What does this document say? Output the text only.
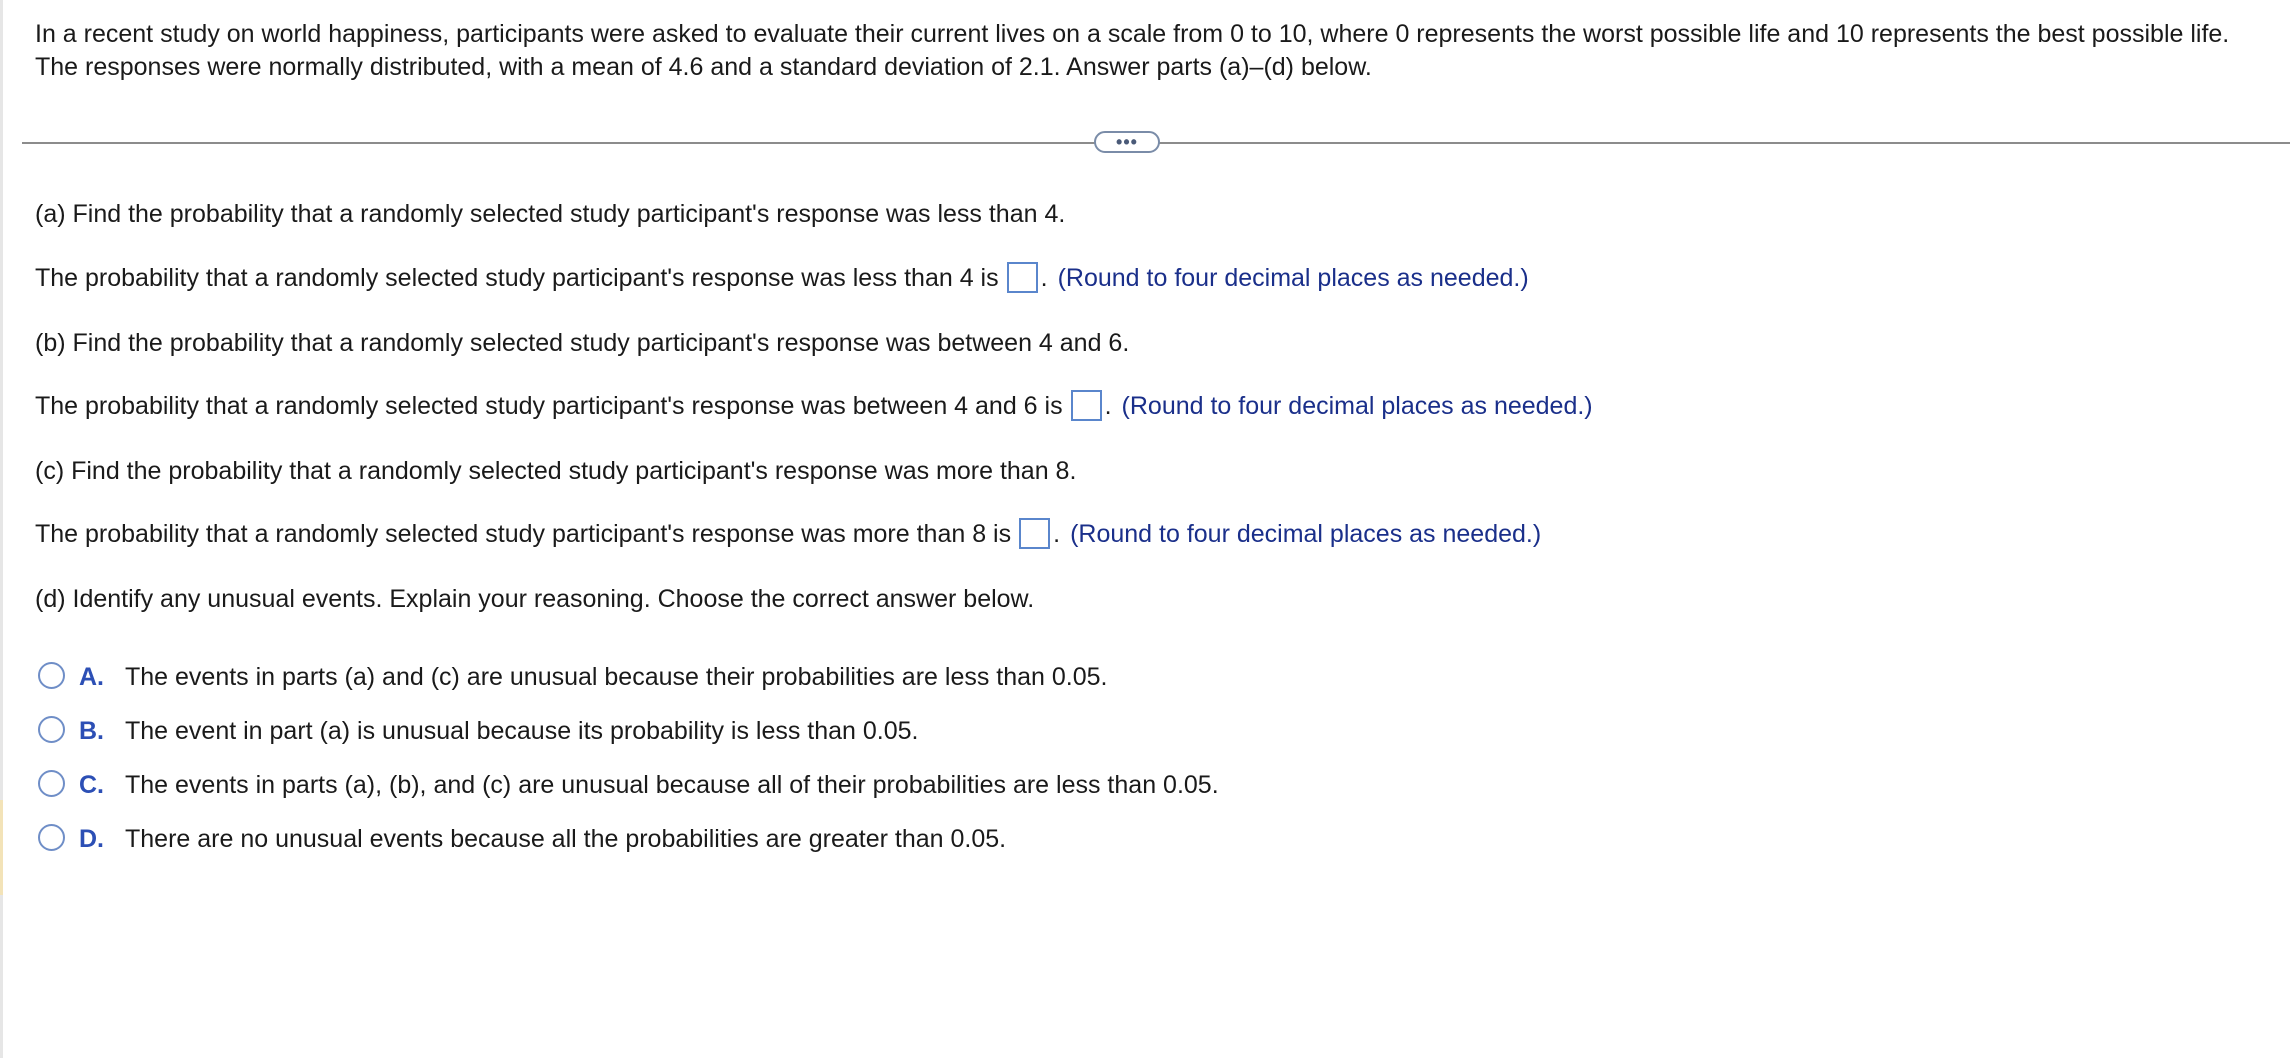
In a recent study on world happiness, participants were asked to evaluate their current lives on a scale from 0 to 10, where 0 represents the worst possible life and 10 represents the best possible life. The responses were normally distributed, with a mean of 4.6 and a standard deviation of 2.1. Answer parts (a)–(d) below.

•••

(a) Find the probability that a randomly selected study participant's response was less than 4.

The probability that a randomly selected study participant's response was less than 4 is . (Round to four decimal places as needed.)

(b) Find the probability that a randomly selected study participant's response was between 4 and 6.

The probability that a randomly selected study participant's response was between 4 and 6 is . (Round to four decimal places as needed.)

(c) Find the probability that a randomly selected study participant's response was more than 8.

The probability that a randomly selected study participant's response was more than 8 is . (Round to four decimal places as needed.)

(d) Identify any unusual events. Explain your reasoning. Choose the correct answer below.

A. The events in parts (a) and (c) are unusual because their probabilities are less than 0.05.
B. The event in part (a) is unusual because its probability is less than 0.05.
C. The events in parts (a), (b), and (c) are unusual because all of their probabilities are less than 0.05.
D. There are no unusual events because all the probabilities are greater than 0.05.
